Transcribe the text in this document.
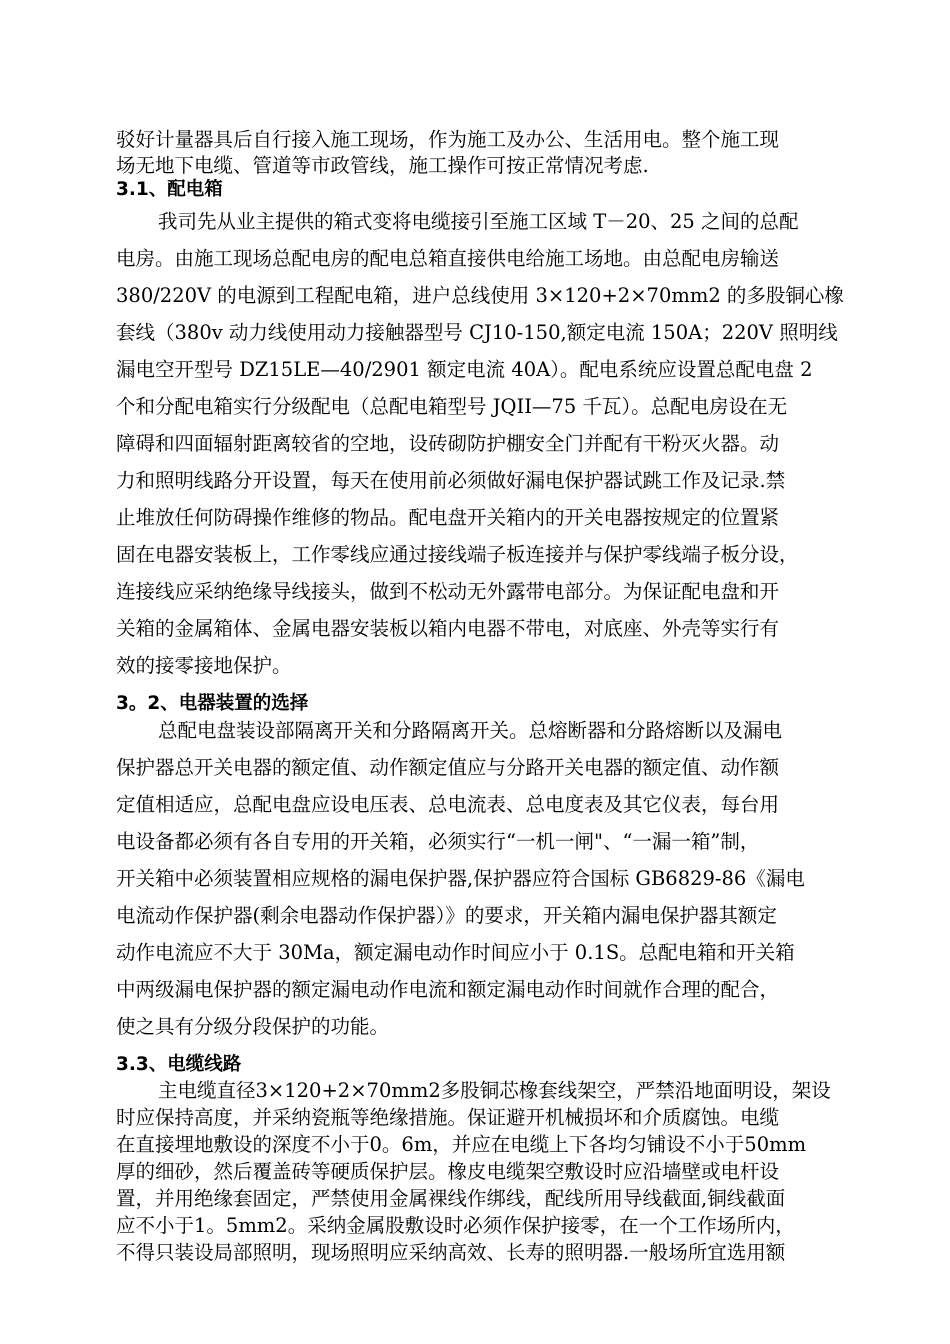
驳好计量器具后自行接入施工现场，作为施工及办公、生活用电。整个施工现
场无地下电缆、管道等市政管线，施工操作可按正常情况考虑.
3.1、配电箱
我司先从业主提供的箱式变将电缆接引至施工区域 T－20、25 之间的总配
电房。由施工现场总配电房的配电总箱直接供电给施工场地。由总配电房输送
380/220V 的电源到工程配电箱，进户总线使用 3×120+2×70mm2 的多股铜心橡
套线（380v 动力线使用动力接触器型号 CJ10-150,额定电流 150A；220V 照明线
漏电空开型号 DZ15LE—40/2901 额定电流 40A）。配电系统应设置总配电盘 2
个和分配电箱实行分级配电（总配电箱型号 JQII—75 千瓦）。总配电房设在无
障碍和四面辐射距离较省的空地，设砖砌防护棚安全门并配有干粉灭火器。动
力和照明线路分开设置，每天在使用前必须做好漏电保护器试跳工作及记录.禁
止堆放任何防碍操作维修的物品。配电盘开关箱内的开关电器按规定的位置紧
固在电器安装板上，工作零线应通过接线端子板连接并与保护零线端子板分设，
连接线应采纳绝缘导线接头，做到不松动无外露带电部分。为保证配电盘和开
关箱的金属箱体、金属电器安装板以箱内电器不带电，对底座、外壳等实行有
效的接零接地保护。
3。2、电器装置的选择
总配电盘装设部隔离开关和分路隔离开关。总熔断器和分路熔断以及漏电
保护器总开关电器的额定值、动作额定值应与分路开关电器的额定值、动作额
定值相适应，总配电盘应设电压表、总电流表、总电度表及其它仪表，每台用
电设备都必须有各自专用的开关箱，必须实行“一机一闸"、“一漏一箱”制，
开关箱中必须装置相应规格的漏电保护器,保护器应符合国标 GB6829-86《漏电
电流动作保护器(剩余电器动作保护器）》的要求，开关箱内漏电保护器其额定
动作电流应不大于 30Ma，额定漏电动作时间应小于 0.1S。总配电箱和开关箱
中两级漏电保护器的额定漏电动作电流和额定漏电动作时间就作合理的配合，
使之具有分级分段保护的功能。
3.3、电缆线路
主电缆直径3×120+2×70mm2多股铜芯橡套线架空，严禁沿地面明设，架设
时应保持高度，并采纳瓷瓶等绝缘措施。保证避开机械损坏和介质腐蚀。电缆
在直接埋地敷设的深度不小于0。6m，并应在电缆上下各均匀铺设不小于50mm
厚的细砂，然后覆盖砖等硬质保护层。橡皮电缆架空敷设时应沿墙壁或电杆设
置，并用绝缘套固定，严禁使用金属裸线作绑线，配线所用导线截面,铜线截面
应不小于1。5mm2。采纳金属股敷设时必须作保护接零，在一个工作场所内，
不得只装设局部照明，现场照明应采纳高效、长寿的照明器.一般场所宜选用额
